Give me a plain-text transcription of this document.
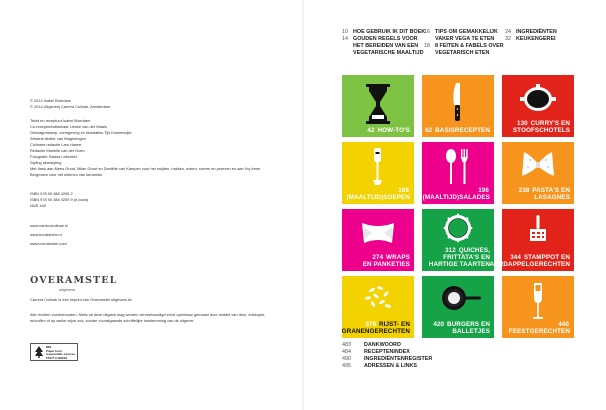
© 2014 Isabel Boerdam
© 2014 Uitgeverij Carrera Culinair, Amsterdam
Tekst en receptuur Isabel Boerdam
Co-receptontwikkelaar Lieske van der Waals
Omslagontwerp, vormgeving en illustraties Tijs Koelemeijer
Zetwerk Atelier van Wageningen
Culinaire redactie Lars Hamer
Redactie Marielle van der Goen
Fotografie Saskia Lelieveld
Styling akrestyling
Met dank aan Mees Groot, Milan Groot en Daniëlle van Kampen voor het snijden, hakken, malen, roeren en proeven en aan *by Irene Bergmann voor het uitlenen van keramiek
ISBN 978 90 488 4206 2
ISBN 978 90 488 4209 9 (e-book)
NUR 440
www.carreraculinair.nl
www.kookisbeis.nl
www.overamstel.com
Carrera Culinair is een imprint van Overamstel uitgevers bv
Alle rechten voorbehouden. Niets uit deze uitgave mag worden verveelvoudigd en/of openbaar gemaakt door middel van druk, fotokopie, microfilm of op welke wijze ook, zonder voorafgaande schriftelijke toestemming van de uitgever.
OVERAMSTEL
uitgevers
MIX
Paper from
responsible sources
FSC® C118234
10 HOE GEBRUIK IK DIT BOEK
14 GOUDEN REGELS VOOR
HET BEREIDEN VAN EEN
VEGETARISCHE MAALTIJD
16 TIPS OM GEMAKKELIJK
VAKER VEGA TE ETEN
18 8 FEITEN & FABELS OVER
VEGETARISCH ETEN
24 INGREDIËNTEN
32 KEUKENGEREI
42 HOW-TO'S 62 BASISRECEPTEN
130 CURRY'S EN
STOOFSCHOTELS
168 (MAALTIJD)SOEPEN
196 (MAALTIJD)SALADES
238 PASTA'S EN
LASAGNES
274 WRAPS
EN PANKETIES
312 QUICHES,
FRITTATA'S EN
HARTIGE TAARTEN
344 STAMPPOT EN
AARDAPPELGERECHTEN
378 RIJST- EN
GRANENGERECHTEN
420 BURGERS EN
BALLETJES
440 FEESTGERECHTEN
483 DANKWOORD
484 RECEPTENINDEX
490 INGREDIËNTENREGISTER
495 ADRESSEN & LINKS
